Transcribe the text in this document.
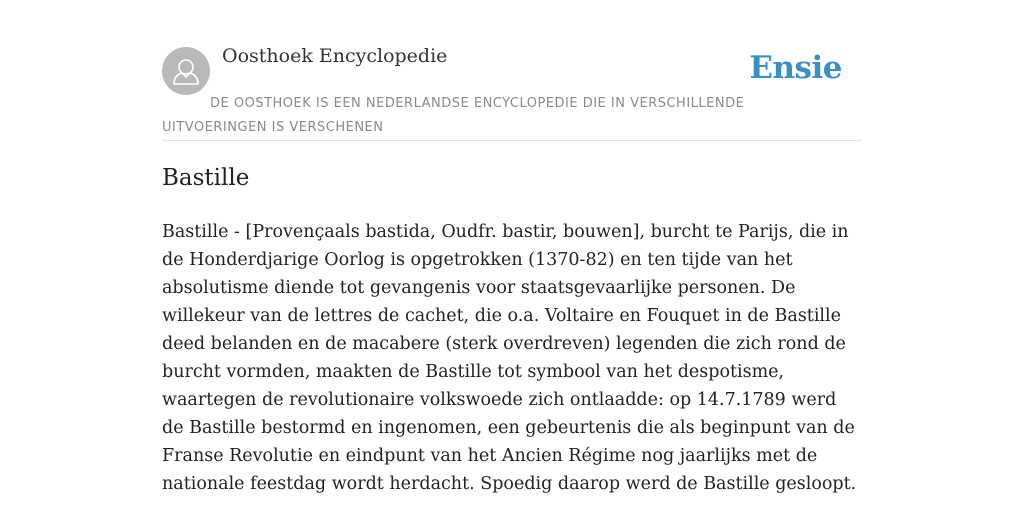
Oosthoek Encyclopedie	Ensie
DE OOSTHOEK IS EEN NEDERLANDSE ENCYCLOPEDIE DIE IN VERSCHILLENDE UITVOERINGEN IS VERSCHENEN
Bastille

Bastille - [Provençaals bastida, Oudfr. bastir, bouwen], burcht te Parijs, die in de Honderdjarige Oorlog is opgetrokken (1370-82) en ten tijde van het absolutisme diende tot gevangenis voor staatsgevaarlijke personen. De willekeur van de lettres de cachet, die o.a. Voltaire en Fouquet in de Bastille deed belanden en de macabere (sterk overdreven) legenden die zich rond de burcht vormden, maakten de Bastille tot symbool van het despotisme, waartegen de revolutionaire volkswoede zich ontlaadde: op 14.7.1789 werd de Bastille bestormd en ingenomen, een gebeurtenis die als beginpunt van de Franse Revolutie en eindpunt van het Ancien Régime nog jaarlijks met de nationale feestdag wordt herdacht. Spoedig daarop werd de Bastille gesloopt.
